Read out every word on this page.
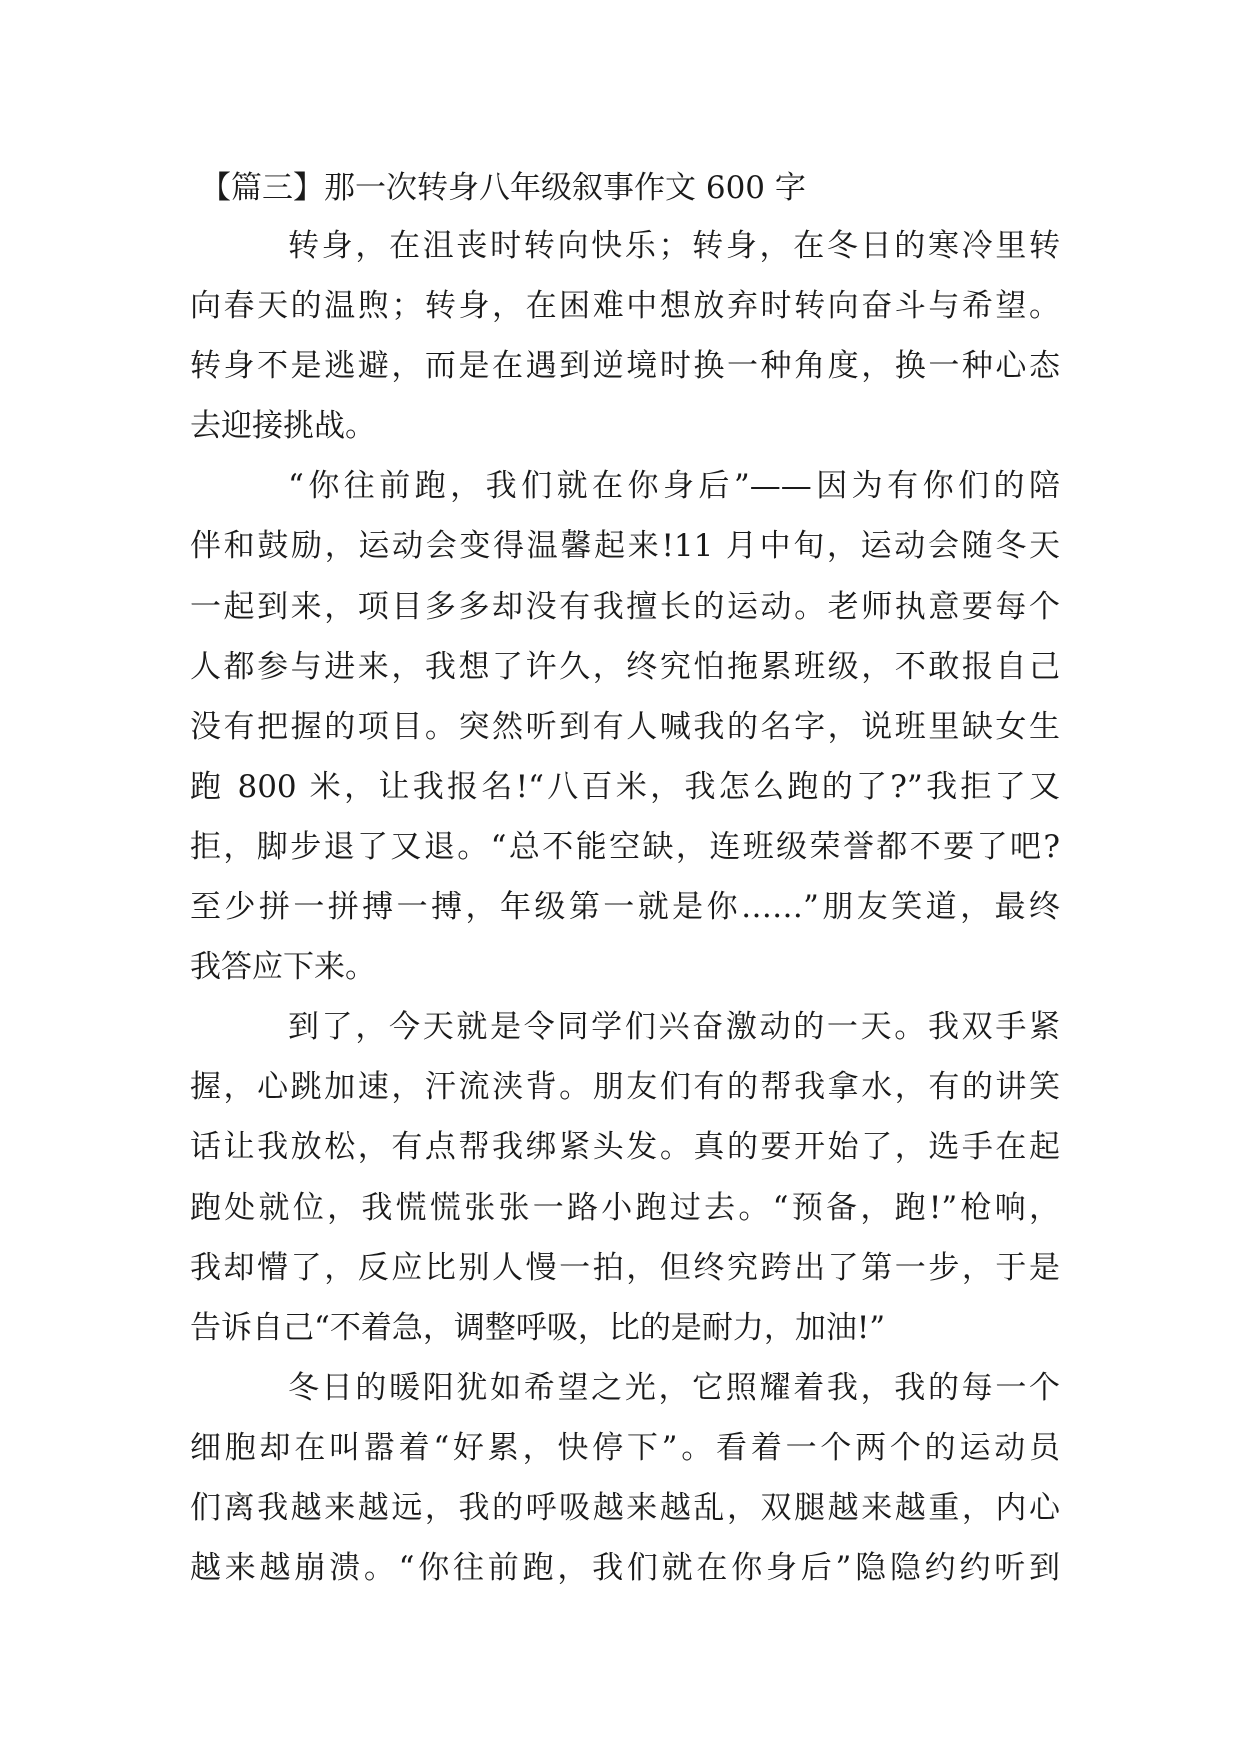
【篇三】那一次转身八年级叙事作文 600 字
转身，在沮丧时转向快乐；转身，在冬日的寒冷里转
向春天的温煦；转身，在困难中想放弃时转向奋斗与希望。
转身不是逃避，而是在遇到逆境时换一种角度，换一种心态
去迎接挑战。
“你往前跑，我们就在你身后”——因为有你们的陪
伴和鼓励，运动会变得温馨起来!11 月中旬，运动会随冬天
一起到来，项目多多却没有我擅长的运动。老师执意要每个
人都参与进来，我想了许久，终究怕拖累班级，不敢报自己
没有把握的项目。突然听到有人喊我的名字，说班里缺女生
跑 800 米，让我报名!“八百米，我怎么跑的了?”我拒了又
拒，脚步退了又退。“总不能空缺，连班级荣誉都不要了吧?
至少拼一拼搏一搏，年级第一就是你……”朋友笑道，最终
我答应下来。
到了，今天就是令同学们兴奋激动的一天。我双手紧
握，心跳加速，汗流浃背。朋友们有的帮我拿水，有的讲笑
话让我放松，有点帮我绑紧头发。真的要开始了，选手在起
跑处就位，我慌慌张张一路小跑过去。“预备，跑!”枪响，
我却懵了，反应比别人慢一拍，但终究跨出了第一步，于是
告诉自己“不着急，调整呼吸，比的是耐力，加油!”
冬日的暖阳犹如希望之光，它照耀着我，我的每一个
细胞却在叫嚣着“好累，快停下”。看着一个两个的运动员
们离我越来越远，我的呼吸越来越乱，双腿越来越重，内心
越来越崩溃。“你往前跑，我们就在你身后”隐隐约约听到
